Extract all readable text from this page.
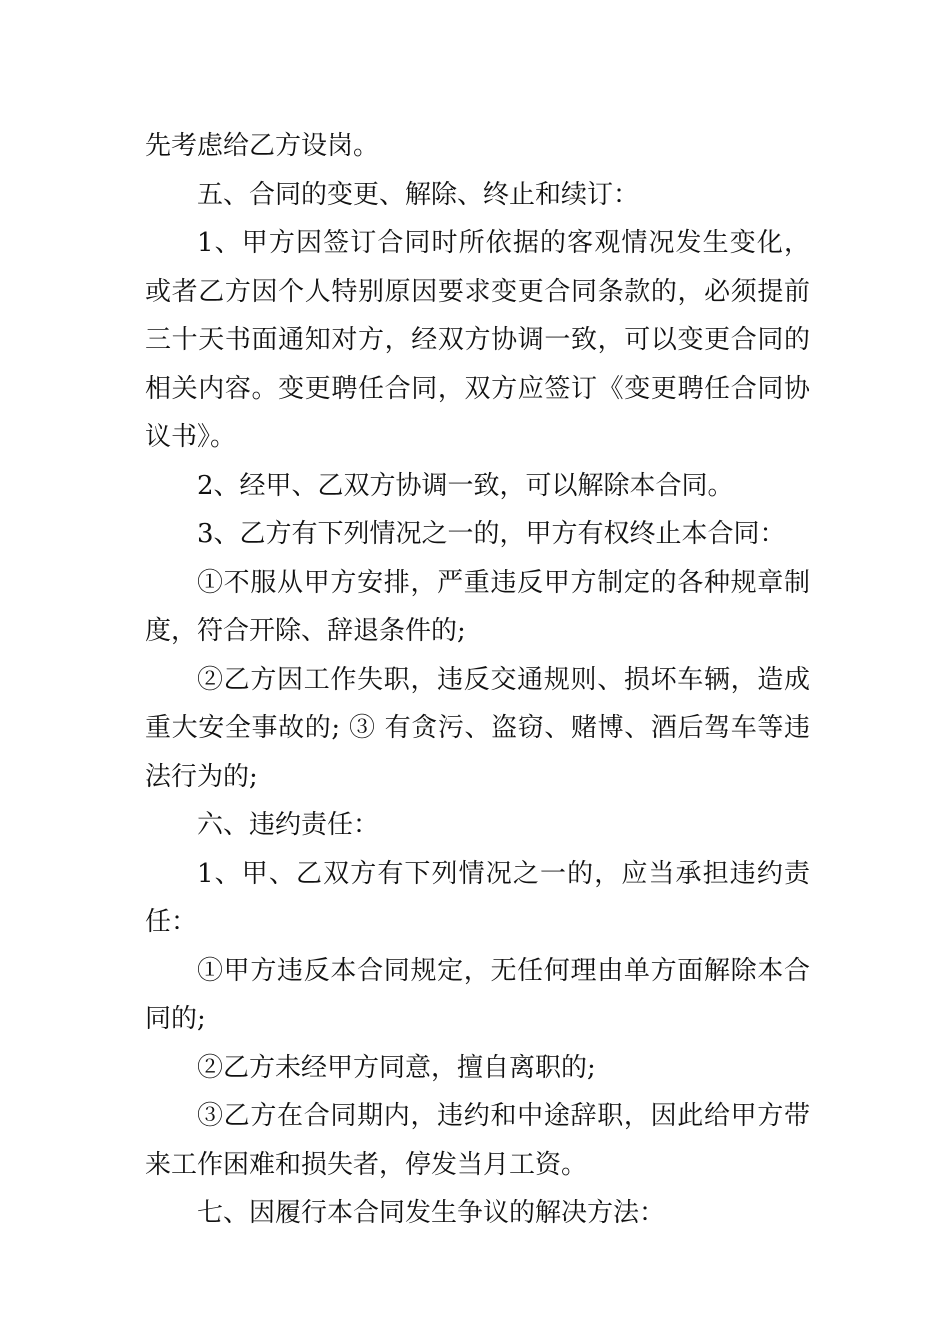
先考虑给乙方设岗。

五、合同的变更、解除、终止和续订：

1、甲方因签订合同时所依据的客观情况发生变化，或者乙方因个人特别原因要求变更合同条款的，必须提前三十天书面通知对方，经双方协调一致，可以变更合同的相关内容。变更聘任合同，双方应签订《变更聘任合同协议书》。

2、经甲、乙双方协调一致，可以解除本合同。

3、乙方有下列情况之一的，甲方有权终止本合同：

①不服从甲方安排，严重违反甲方制定的各种规章制度，符合开除、辞退条件的;

②乙方因工作失职，违反交通规则、损坏车辆，造成重大安全事故的; ③ 有贪污、盗窃、赌博、酒后驾车等违法行为的;

六、违约责任：

1、甲、乙双方有下列情况之一的，应当承担违约责任：

①甲方违反本合同规定，无任何理由单方面解除本合同的;

②乙方未经甲方同意，擅自离职的;

③乙方在合同期内，违约和中途辞职，因此给甲方带来工作困难和损失者，停发当月工资。

七、因履行本合同发生争议的解决方法：
